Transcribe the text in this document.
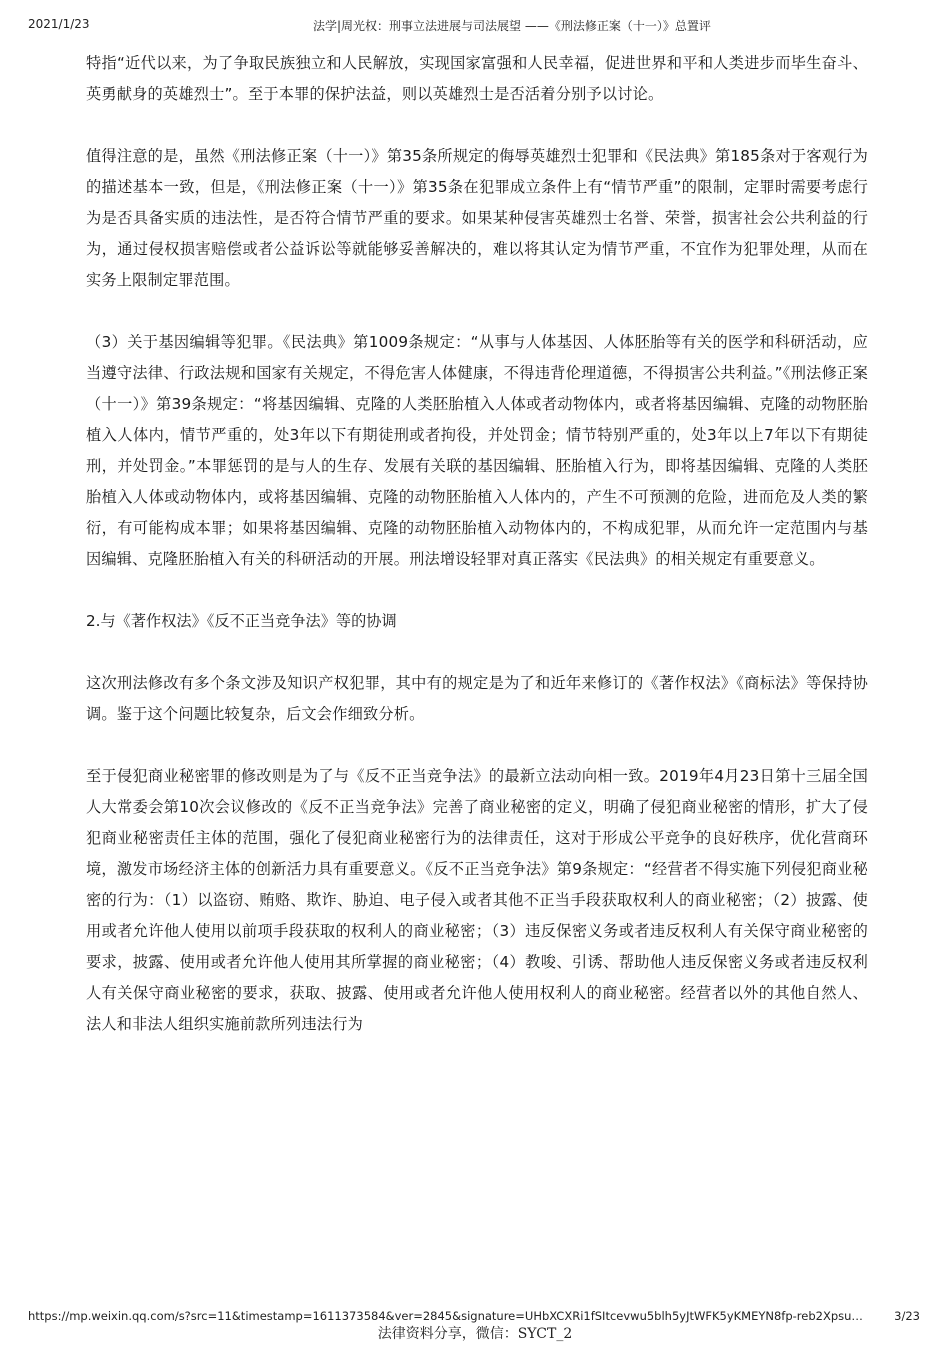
2021/1/23	法学|周光权：刑事立法进展与司法展望 ——《刑法修正案（十一）》总置评

特指“近代以来，为了争取民族独立和人民解放，实现国家富强和人民幸福，促进世界和平和人类进步而毕生奋斗、英勇献身的英雄烈士”。至于本罪的保护法益，则以英雄烈士是否活着分别予以讨论。

值得注意的是，虽然《刑法修正案（十一）》第35条所规定的侮辱英雄烈士犯罪和《民法典》第185条对于客观行为的描述基本一致，但是，《刑法修正案（十一）》第35条在犯罪成立条件上有“情节严重”的限制，定罪时需要考虑行为是否具备实质的违法性，是否符合情节严重的要求。如果某种侵害英雄烈士名誉、荣誉，损害社会公共利益的行为，通过侵权损害赔偿或者公益诉讼等就能够妥善解决的，难以将其认定为情节严重，不宜作为犯罪处理，从而在实务上限制定罪范围。

（3）关于基因编辑等犯罪。《民法典》第1009条规定：“从事与人体基因、人体胚胎等有关的医学和科研活动，应当遵守法律、行政法规和国家有关规定，不得危害人体健康，不得违背伦理道德，不得损害公共利益。”《刑法修正案（十一）》第39条规定：“将基因编辑、克隆的人类胚胎植入人体或者动物体内，或者将基因编辑、克隆的动物胚胎植入人体内，情节严重的，处3年以下有期徒刑或者拘役，并处罚金；情节特别严重的，处3年以上7年以下有期徒刑，并处罚金。”本罪惩罚的是与人的生存、发展有关联的基因编辑、胚胎植入行为，即将基因编辑、克隆的人类胚胎植入人体或动物体内，或将基因编辑、克隆的动物胚胎植入人体内的，产生不可预测的危险，进而危及人类的繁衍，有可能构成本罪；如果将基因编辑、克隆的动物胚胎植入动物体内的，不构成犯罪，从而允许一定范围内与基因编辑、克隆胚胎植入有关的科研活动的开展。刑法增设轻罪对真正落实《民法典》的相关规定有重要意义。

2.与《著作权法》《反不正当竞争法》等的协调

这次刑法修改有多个条文涉及知识产权犯罪，其中有的规定是为了和近年来修订的《著作权法》《商标法》等保持协调。鉴于这个问题比较复杂，后文会作细致分析。

至于侵犯商业秘密罪的修改则是为了与《反不正当竞争法》的最新立法动向相一致。2019年4月23日第十三届全国人大常委会第10次会议修改的《反不正当竞争法》完善了商业秘密的定义，明确了侵犯商业秘密的情形，扩大了侵犯商业秘密责任主体的范围，强化了侵犯商业秘密行为的法律责任，这对于形成公平竞争的良好秩序，优化营商环境，激发市场经济主体的创新活力具有重要意义。《反不正当竞争法》第9条规定：“经营者不得实施下列侵犯商业秘密的行为：（1）以盗窃、贿赂、欺诈、胁迫、电子侵入或者其他不正当手段获取权利人的商业秘密；（2）披露、使用或者允许他人使用以前项手段获取的权利人的商业秘密；（3）违反保密义务或者违反权利人有关保守商业秘密的要求，披露、使用或者允许他人使用其所掌握的商业秘密；（4）教唆、引诱、帮助他人违反保密义务或者违反权利人有关保守商业秘密的要求，获取、披露、使用或者允许他人使用权利人的商业秘密。经营者以外的其他自然人、法人和非法人组织实施前款所列违法行为

https://mp.weixin.qq.com/s?src=11&timestamp=1611373584&ver=2845&signature=UHbXCXRi1fSItcevwu5blh5yJtWFK5yKMEYN8fp-reb2Xpsu…	3/23
法律资料分享，微信：SYCT_2
